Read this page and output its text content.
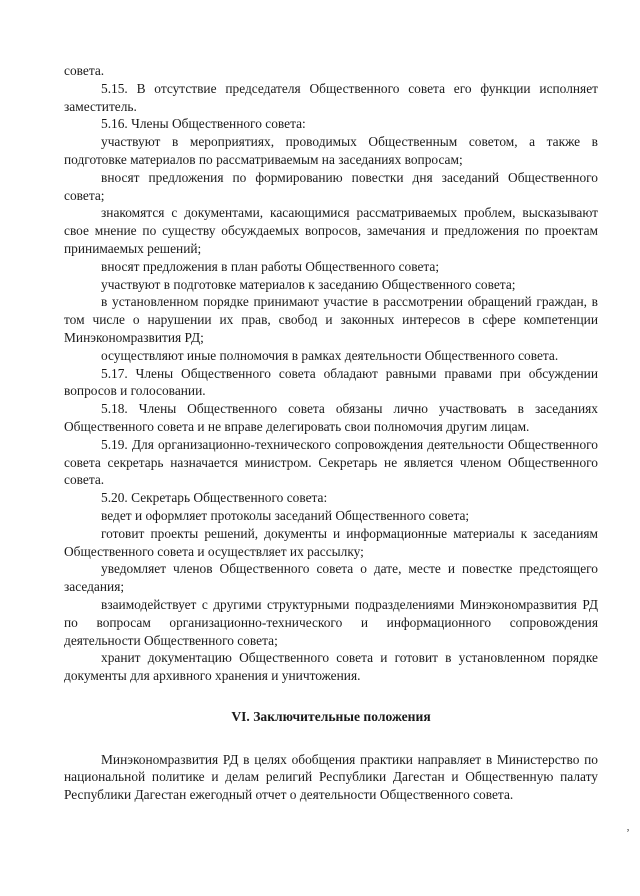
совета.

5.15. В отсутствие председателя Общественного совета его функции исполняет заместитель.

5.16. Члены Общественного совета:

участвуют в мероприятиях, проводимых Общественным советом, а также в подготовке материалов по рассматриваемым на заседаниях вопросам;

вносят предложения по формированию повестки дня заседаний Общественного совета;

знакомятся с документами, касающимися рассматриваемых проблем, высказывают свое мнение по существу обсуждаемых вопросов, замечания и предложения по проектам принимаемых решений;

вносят предложения в план работы Общественного совета;

участвуют в подготовке материалов к заседанию Общественного совета;

в установленном порядке принимают участие в рассмотрении обращений граждан, в том числе о нарушении их прав, свобод и законных интересов в сфере компетенции Минэкономразвития РД;

осуществляют иные полномочия в рамках деятельности Общественного совета.

5.17. Члены Общественного совета обладают равными правами при обсуждении вопросов и голосовании.

5.18. Члены Общественного совета обязаны лично участвовать в заседаниях Общественного совета и не вправе делегировать свои полномочия другим лицам.

5.19. Для организационно-технического сопровождения деятельности Общественного совета секретарь назначается министром. Секретарь не является членом Общественного совета.

5.20. Секретарь Общественного совета:

ведет и оформляет протоколы заседаний Общественного совета;

готовит проекты решений, документы и информационные материалы к заседаниям Общественного совета и осуществляет их рассылку;

уведомляет членов Общественного совета о дате, месте и повестке предстоящего заседания;

взаимодействует с другими структурными подразделениями Минэкономразвития РД по вопросам организационно-технического и информационного сопровождения деятельности Общественного совета;

хранит документацию Общественного совета и готовит в установленном порядке документы для архивного хранения и уничтожения.

VI. Заключительные положения

Минэкономразвития РД в целях обобщения практики направляет в Министерство по национальной политике и делам религий Республики Дагестан и Общественную палату Республики Дагестан ежегодный отчет о деятельности Общественного совета.

ʼ
